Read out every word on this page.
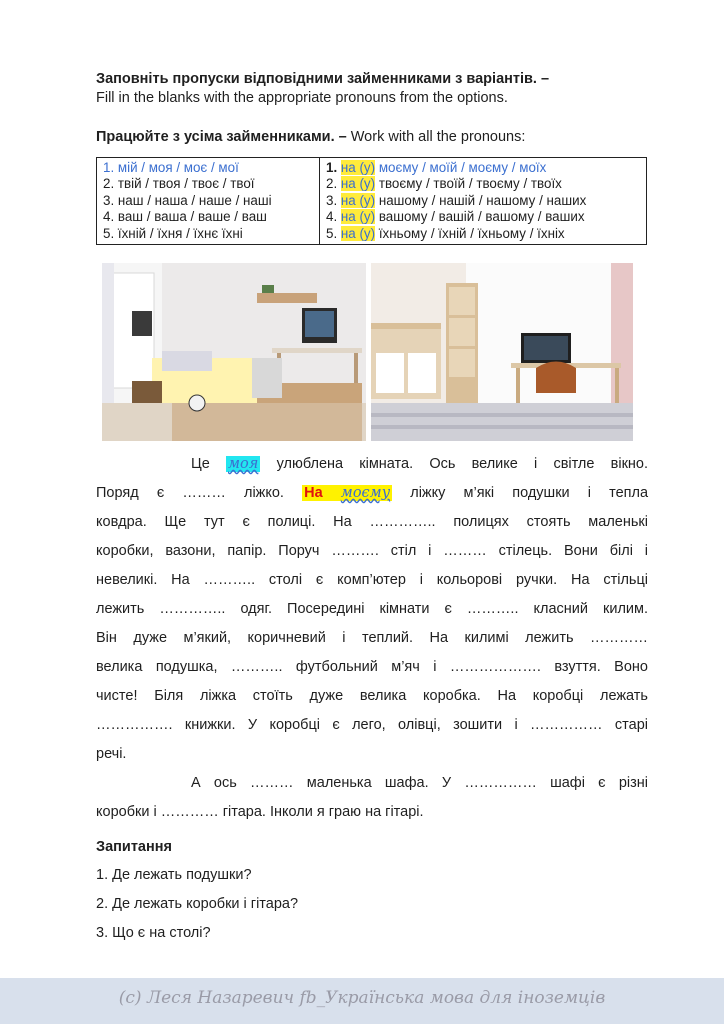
Заповніть пропуски відповідними займенниками з варіантів. –
Fill in the blanks with the appropriate pronouns from the options.
Працюйте з усіма займенниками. – Work with all the pronouns:
1. мій / моя / моє / мої
2. твій / твоя / твоє / твої
3. наш / наша / наше / наші
4. ваш / ваша / ваше / ваш
5. їхній / їхня / їхнє їхні

1. на (у) моєму / моїй / моєму / моїх
2. на (у) твоєму / твоїй / твоєму / твоїх
3. на (у) нашому / нашій / нашому / наших
4. на (у) вашому / вашій / вашому / ваших
5. на (у) їхньому / їхній / їхньому / їхніх
Це моя улюблена кімната. Ось велике і світле вікно.
Поряд є ……… ліжко. На моєму ліжку м’які подушки і тепла
ковдра. Ще тут є полиці. На ………….. полицях стоять маленькі
коробки, вазони, папір. Поруч ………. стіл і ……… стілець. Вони білі і
невеликі. На ……….. столі є комп’ютер і кольорові ручки. На стільці
лежить ………….. одяг. Посередині кімнати є ……….. класний килим.
Він дуже м’який, коричневий і теплий. На килимі лежить …………
велика подушка, ……….. футбольний м’яч і ………………. взуття. Воно
чисте! Біля ліжка стоїть дуже велика коробка. На коробці лежать
……………. книжки. У коробці є лего, олівці, зошити і …………… старі
речі.
А ось ……… маленька шафа. У …………… шафі є різні
коробки і ………… гітара. Інколи я граю на гітарі.
Запитання
1. Де лежать подушки?
2. Де лежать коробки і гітара?
3. Що є на столі?
(с) Леся Назаревич fb_Українська мова для іноземців
